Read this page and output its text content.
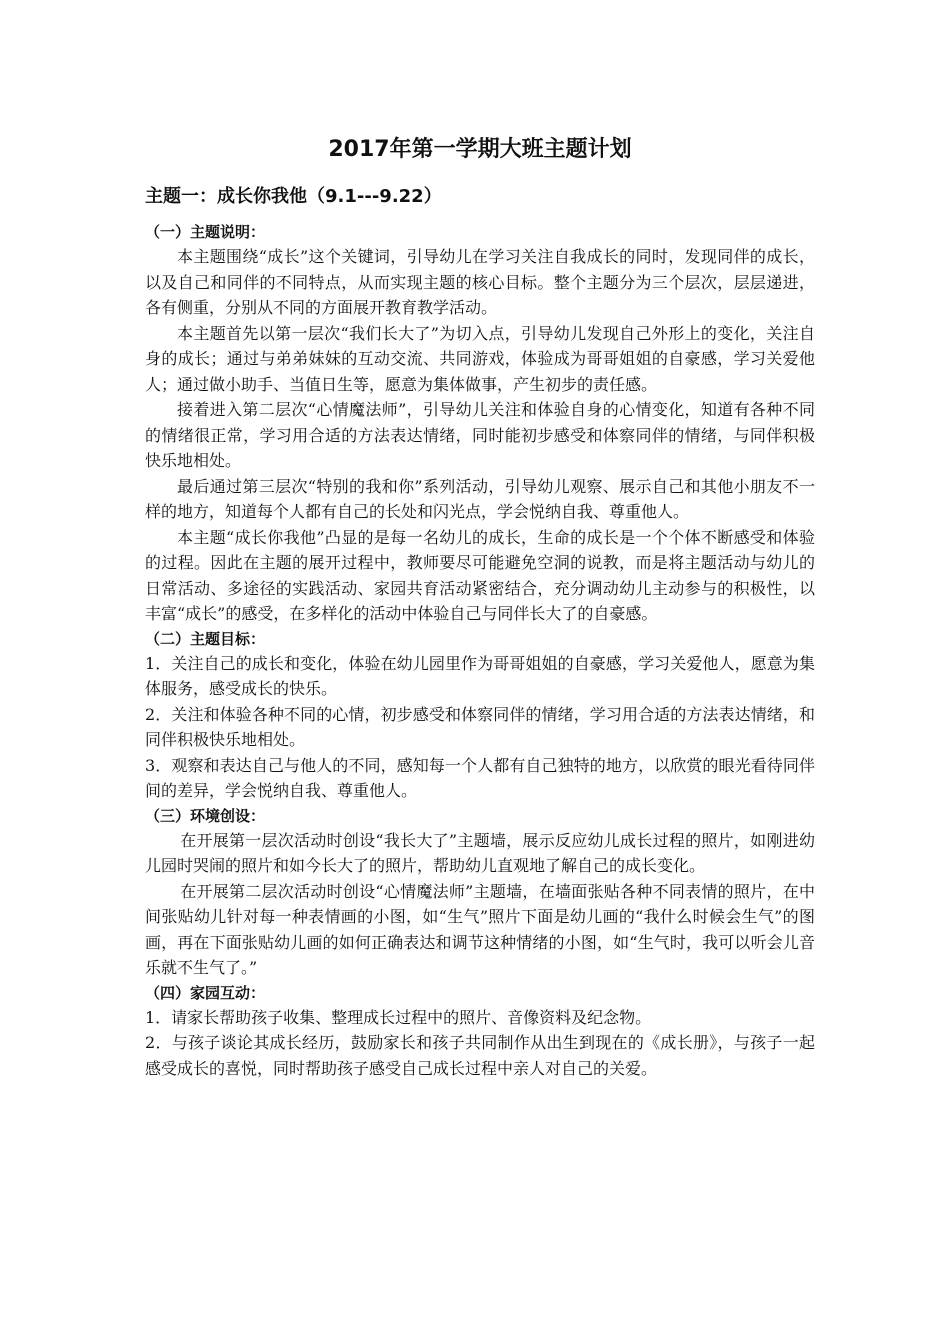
2017年第一学期大班主题计划
主题一：成长你我他（9.1---9.22）

（一）主题说明：

本主题围绕“成长”这个关键词，引导幼儿在学习关注自我成长的同时，发现同伴的成长，以及自己和同伴的不同特点，从而实现主题的核心目标。整个主题分为三个层次，层层递进，各有侧重，分别从不同的方面展开教育教学活动。

本主题首先以第一层次“我们长大了”为切入点，引导幼儿发现自己外形上的变化，关注自身的成长；通过与弟弟妹妹的互动交流、共同游戏，体验成为哥哥姐姐的自豪感，学习关爱他人；通过做小助手、当值日生等，愿意为集体做事，产生初步的责任感。

接着进入第二层次“心情魔法师”，引导幼儿关注和体验自身的心情变化，知道有各种不同的情绪很正常，学习用合适的方法表达情绪，同时能初步感受和体察同伴的情绪，与同伴积极快乐地相处。

最后通过第三层次“特别的我和你”系列活动，引导幼儿观察、展示自己和其他小朋友不一样的地方，知道每个人都有自己的长处和闪光点，学会悦纳自我、尊重他人。

本主题“成长你我他”凸显的是每一名幼儿的成长，生命的成长是一个个体不断感受和体验的过程。因此在主题的展开过程中，教师要尽可能避免空洞的说教，而是将主题活动与幼儿的日常活动、多途径的实践活动、家园共育活动紧密结合，充分调动幼儿主动参与的积极性，以丰富“成长”的感受，在多样化的活动中体验自己与同伴长大了的自豪感。

（二）主题目标：

1．关注自己的成长和变化，体验在幼儿园里作为哥哥姐姐的自豪感，学习关爱他人，愿意为集体服务，感受成长的快乐。

2．关注和体验各种不同的心情，初步感受和体察同伴的情绪，学习用合适的方法表达情绪，和同伴积极快乐地相处。

3．观察和表达自己与他人的不同，感知每一个人都有自己独特的地方，以欣赏的眼光看待同伴间的差异，学会悦纳自我、尊重他人。

（三）环境创设：

在开展第一层次活动时创设“我长大了”主题墙，展示反应幼儿成长过程的照片，如刚进幼儿园时哭闹的照片和如今长大了的照片，帮助幼儿直观地了解自己的成长变化。

在开展第二层次活动时创设“心情魔法师”主题墙，在墙面张贴各种不同表情的照片，在中间张贴幼儿针对每一种表情画的小图，如“生气”照片下面是幼儿画的“我什么时候会生气”的图画，再在下面张贴幼儿画的如何正确表达和调节这种情绪的小图，如“生气时，我可以听会儿音乐就不生气了。”

（四）家园互动：

1．请家长帮助孩子收集、整理成长过程中的照片、音像资料及纪念物。

2．与孩子谈论其成长经历，鼓励家长和孩子共同制作从出生到现在的《成长册》，与孩子一起感受成长的喜悦，同时帮助孩子感受自己成长过程中亲人对自己的关爱。
